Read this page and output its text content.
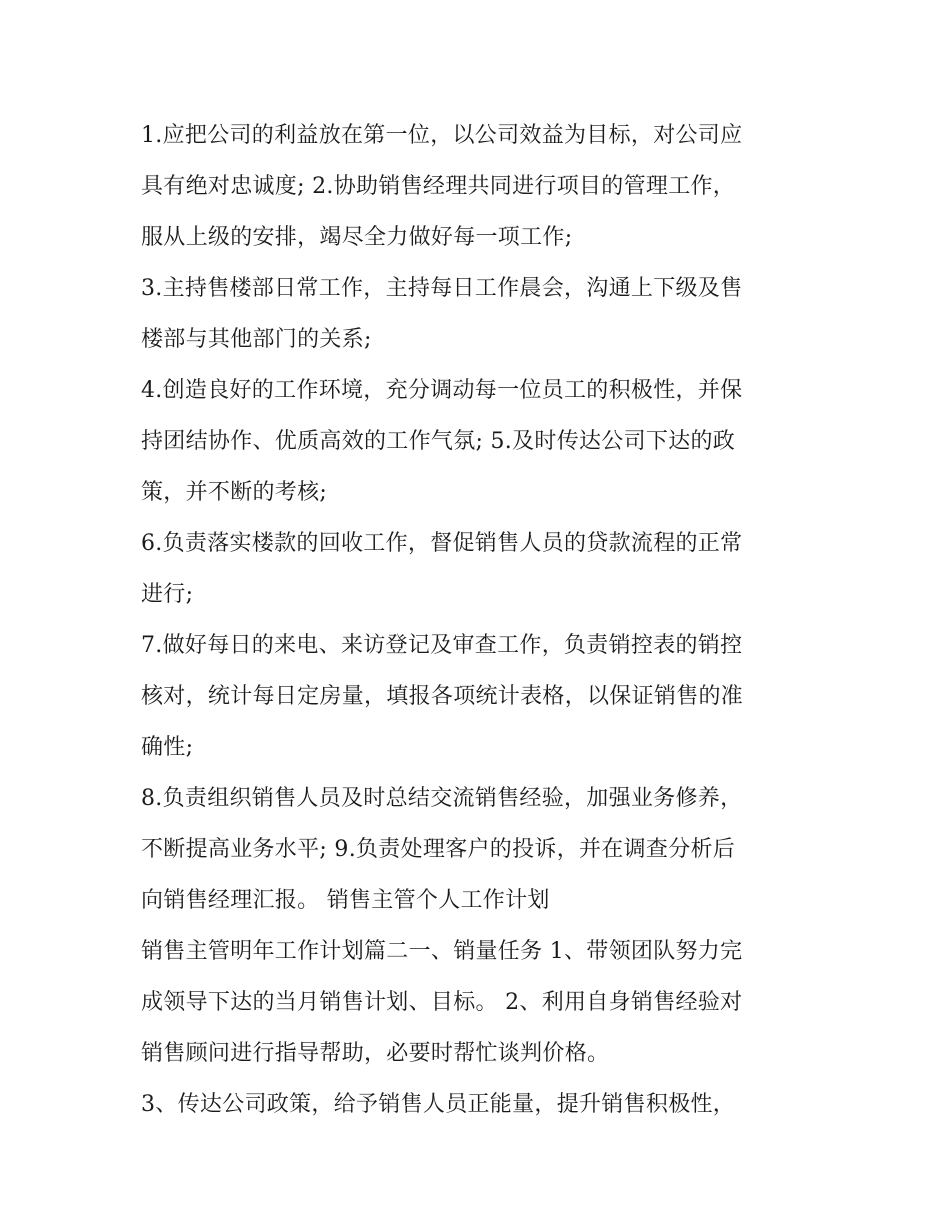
1.应把公司的利益放在第一位，以公司效益为目标，对公司应
具有绝对忠诚度; 2.协助销售经理共同进行项目的管理工作，
服从上级的安排，竭尽全力做好每一项工作;
3.主持售楼部日常工作，主持每日工作晨会，沟通上下级及售
楼部与其他部门的关系;
4.创造良好的工作环境，充分调动每一位员工的积极性，并保
持团结协作、优质高效的工作气氛; 5.及时传达公司下达的政
策，并不断的考核;
6.负责落实楼款的回收工作，督促销售人员的贷款流程的正常
进行;
7.做好每日的来电、来访登记及审查工作，负责销控表的销控
核对，统计每日定房量，填报各项统计表格，以保证销售的准
确性;
8.负责组织销售人员及时总结交流销售经验，加强业务修养，
不断提高业务水平; 9.负责处理客户的投诉，并在调查分析后
向销售经理汇报。 销售主管个人工作计划
销售主管明年工作计划篇二一、销量任务 1、带领团队努力完
成领导下达的当月销售计划、目标。 2、利用自身销售经验对
销售顾问进行指导帮助，必要时帮忙谈判价格。
3、传达公司政策，给予销售人员正能量，提升销售积极性，
